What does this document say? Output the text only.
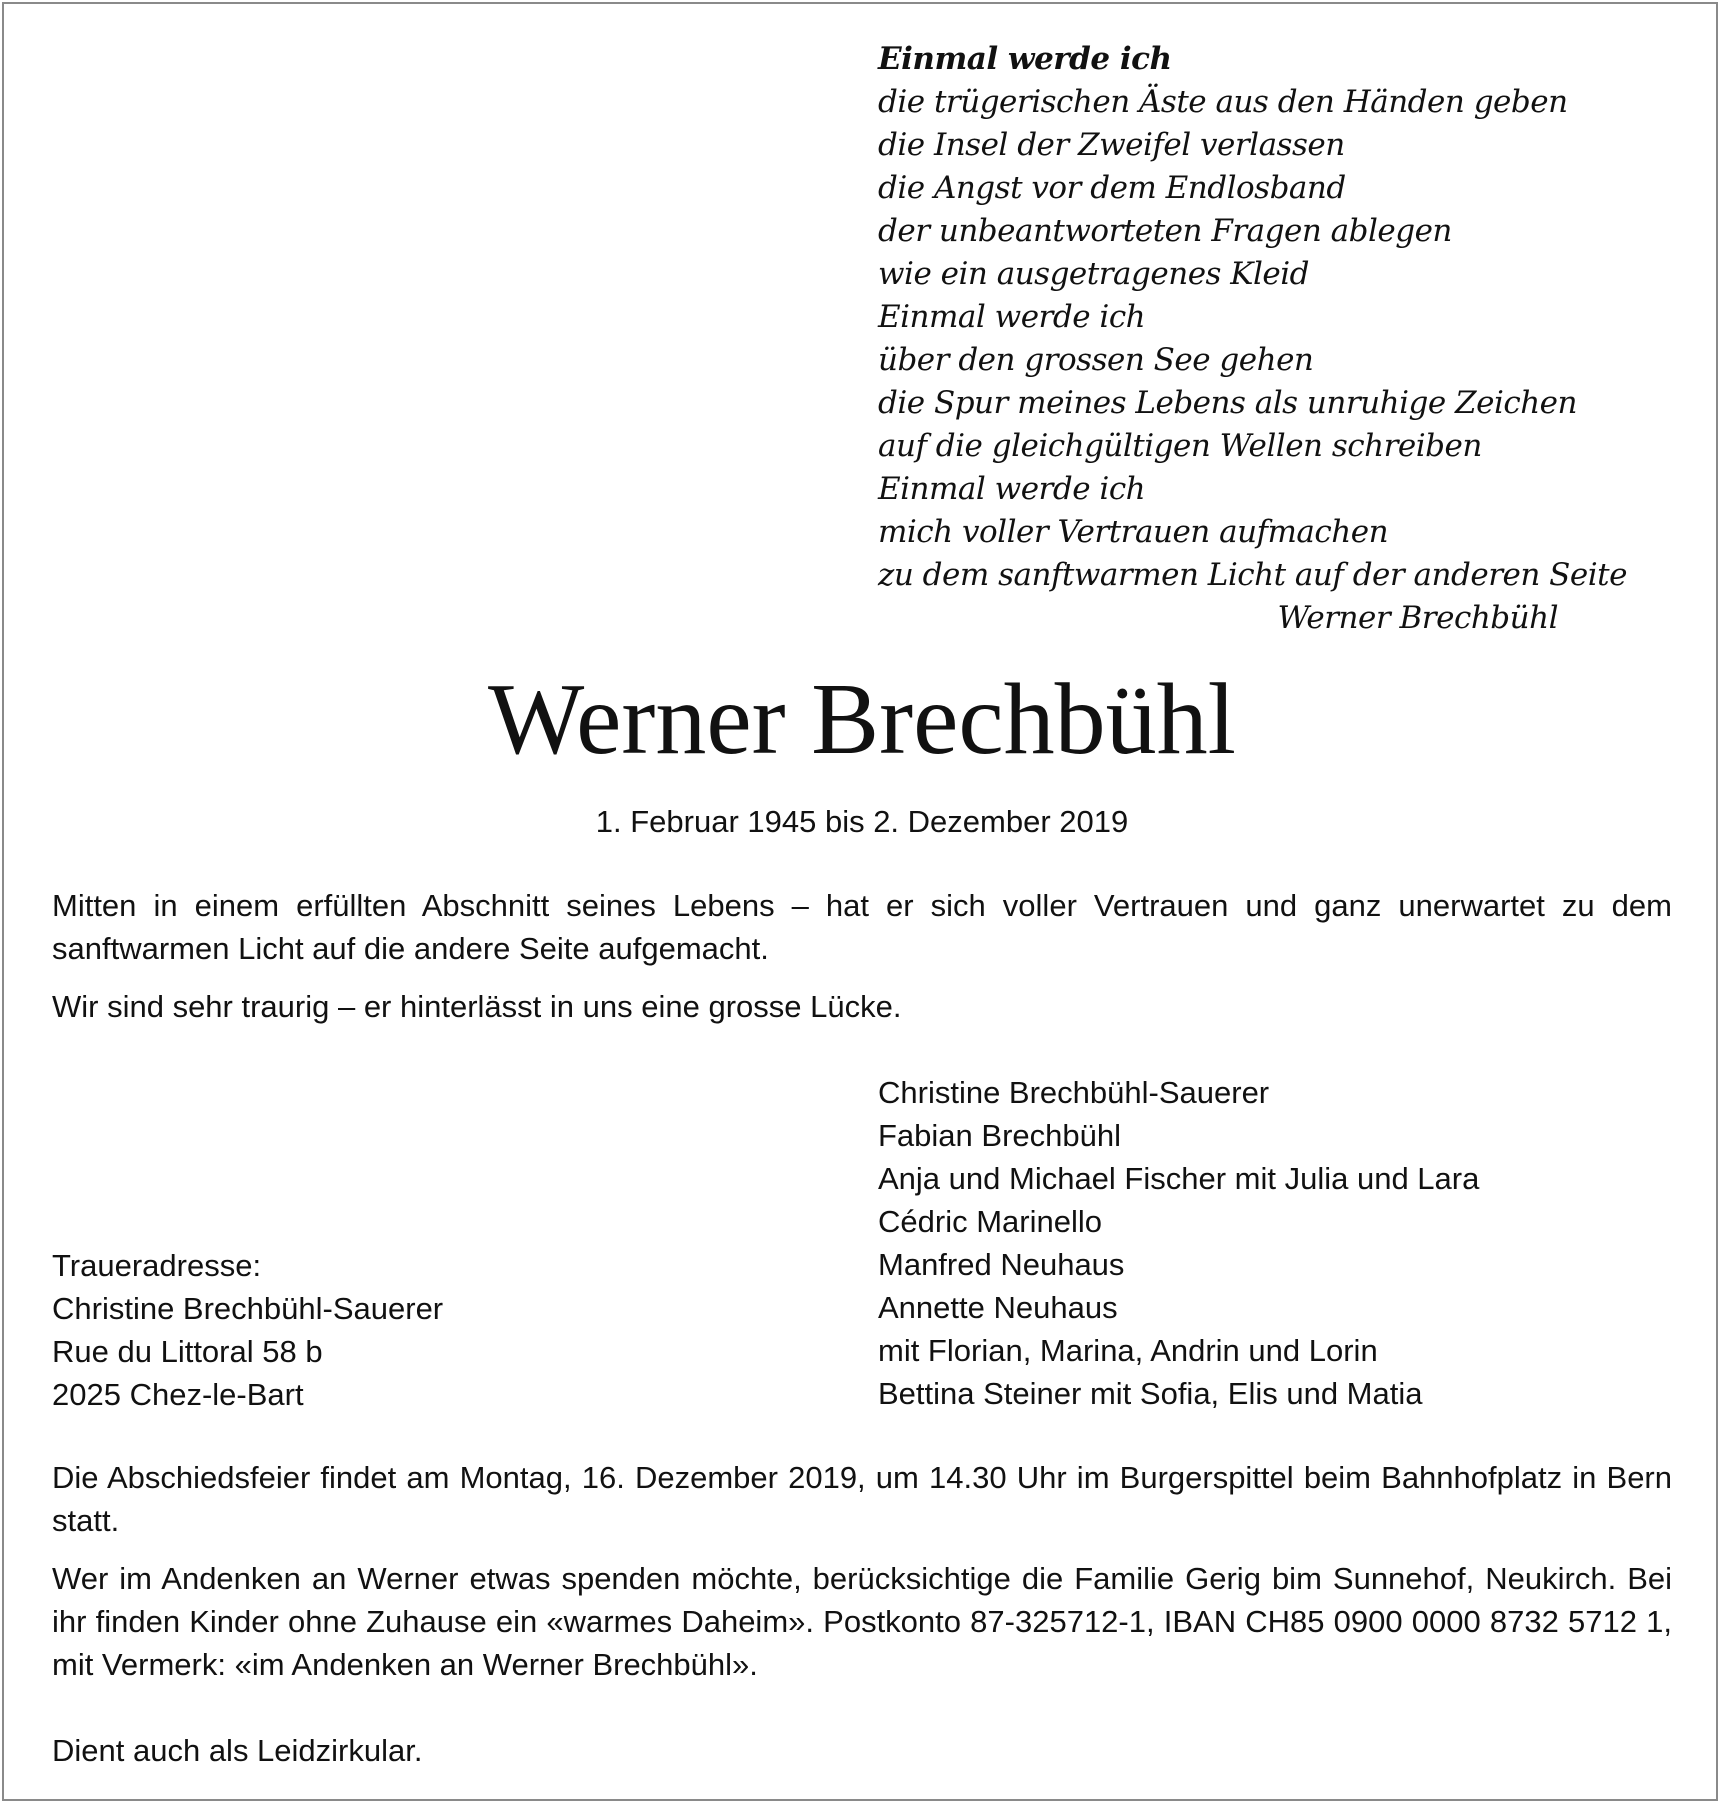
Einmal werde ich
die trügerischen Äste aus den Händen geben
die Insel der Zweifel verlassen
die Angst vor dem Endlosband
der unbeantworteten Fragen ablegen
wie ein ausgetragenes Kleid
Einmal werde ich
über den grossen See gehen
die Spur meines Lebens als unruhige Zeichen
auf die gleichgültigen Wellen schreiben
Einmal werde ich
mich voller Vertrauen aufmachen
zu dem sanftwarmen Licht auf der anderen Seite
Werner Brechbühl
Werner Brechbühl
1. Februar 1945 bis 2. Dezember 2019
Mitten in einem erfüllten Abschnitt seines Lebens – hat er sich voller Vertrauen und ganz unerwartet zu dem sanftwarmen Licht auf die andere Seite aufgemacht.
Wir sind sehr traurig – er hinterlässt in uns eine grosse Lücke.
Christine Brechbühl-Sauerer
Fabian Brechbühl
Anja und Michael Fischer mit Julia und Lara
Cédric Marinello
Manfred Neuhaus
Annette Neuhaus
mit Florian, Marina, Andrin und Lorin
Bettina Steiner mit Sofia, Elis und Matia
Traueradresse:
Christine Brechbühl-Sauerer
Rue du Littoral 58 b
2025 Chez-le-Bart
Die Abschiedsfeier findet am Montag, 16. Dezember 2019, um 14.30 Uhr im Burgerspittel beim Bahnhofplatz in Bern statt.
Wer im Andenken an Werner etwas spenden möchte, berücksichtige die Familie Gerig bim Sunnehof, Neukirch. Bei ihr finden Kinder ohne Zuhause ein «warmes Daheim». Postkonto 87-325712-1, IBAN CH85 0900 0000 8732 5712 1, mit Vermerk: «im Andenken an Werner Brechbühl».
Dient auch als Leidzirkular.
